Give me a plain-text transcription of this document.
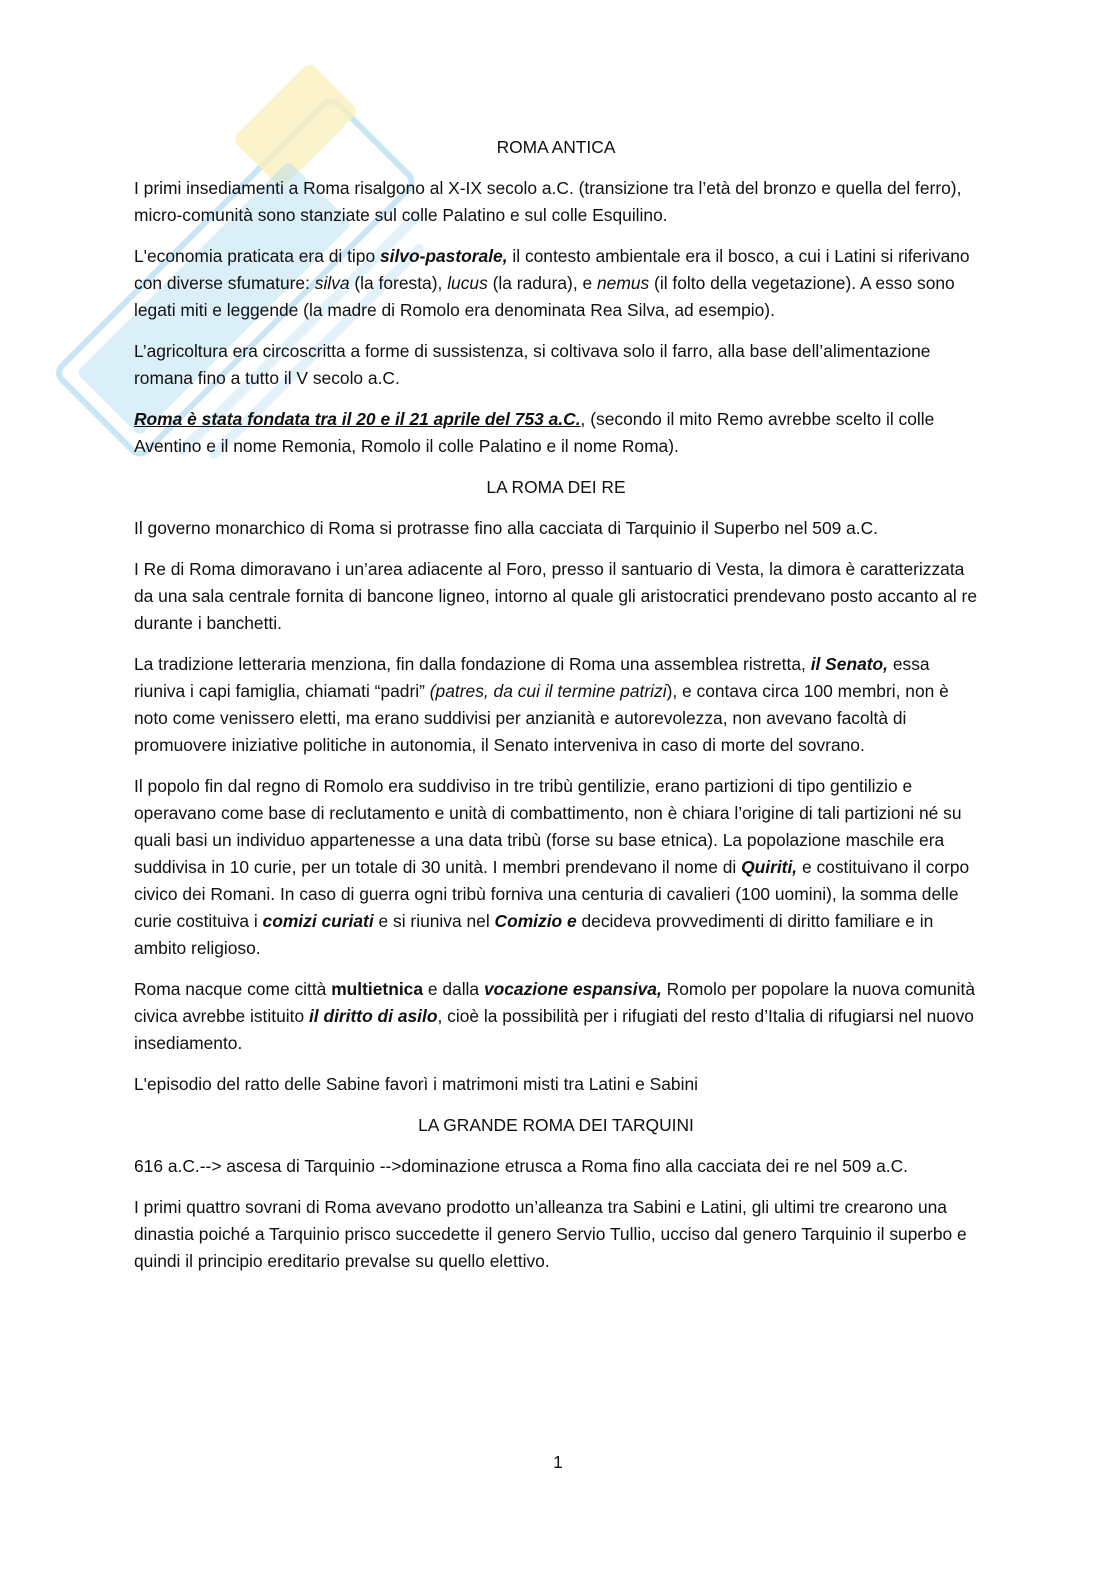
ROMA ANTICA

I primi insediamenti a Roma risalgono al X-IX secolo a.C. (transizione tra l’età del bronzo e quella del ferro), micro-comunità sono stanziate sul colle Palatino e sul colle Esquilino.

L'economia praticata era di tipo silvo-pastorale, il contesto ambientale era il bosco, a cui i Latini si riferivano con diverse sfumature: silva (la foresta), lucus (la radura), e nemus (il folto della vegetazione). A esso sono legati miti e leggende (la madre di Romolo era denominata Rea Silva, ad esempio).

L’agricoltura era circoscritta a forme di sussistenza, si coltivava solo il farro, alla base dell’alimentazione romana fino a tutto il V secolo a.C.

Roma è stata fondata tra il 20 e il 21 aprile del 753 a.C., (secondo il mito Remo avrebbe scelto il colle Aventino e il nome Remonia, Romolo il colle Palatino e il nome Roma).

LA ROMA DEI RE

Il governo monarchico di Roma si protrasse fino alla cacciata di Tarquinio il Superbo nel 509 a.C.

I Re di Roma dimoravano i un’area adiacente al Foro, presso il santuario di Vesta, la dimora è caratterizzata da una sala centrale fornita di bancone ligneo, intorno al quale gli aristocratici prendevano posto accanto al re durante i banchetti.

La tradizione letteraria menziona, fin dalla fondazione di Roma una assemblea ristretta, il Senato, essa riuniva i capi famiglia, chiamati “padri” (patres, da cui il termine patrizi), e contava circa 100 membri, non è noto come venissero eletti, ma erano suddivisi per anzianità e autorevolezza, non avevano facoltà di promuovere iniziative politiche in autonomia, il Senato interveniva in caso di morte del sovrano.

Il popolo fin dal regno di Romolo era suddiviso in tre tribù gentilizie, erano partizioni di tipo gentilizio e operavano come base di reclutamento e unità di combattimento, non è chiara l’origine di tali partizioni né su quali basi un individuo appartenesse a una data tribù (forse su base etnica). La popolazione maschile era suddivisa in 10 curie, per un totale di 30 unità. I membri prendevano il nome di Quiriti, e costituivano il corpo civico dei Romani. In caso di guerra ogni tribù forniva una centuria di cavalieri (100 uomini), la somma delle curie costituiva i comizi curiati e si riuniva nel Comizio e decideva provvedimenti di diritto familiare e in ambito religioso.

Roma nacque come città multietnica e dalla vocazione espansiva, Romolo per popolare la nuova comunità civica avrebbe istituito il diritto di asilo, cioè la possibilità per i rifugiati del resto d’Italia di rifugiarsi nel nuovo insediamento.

L'episodio del ratto delle Sabine favorì i matrimoni misti tra Latini e Sabini

LA GRANDE ROMA DEI TARQUINI

616 a.C.--> ascesa di Tarquinio -->dominazione etrusca a Roma fino alla cacciata dei re nel 509 a.C.

I primi quattro sovrani di Roma avevano prodotto un’alleanza tra Sabini e Latini, gli ultimi tre crearono una dinastia poiché a Tarquinio prisco succedette il genero Servio Tullio, ucciso dal genero Tarquinio il superbo e quindi il principio ereditario prevalse su quello elettivo.

1
